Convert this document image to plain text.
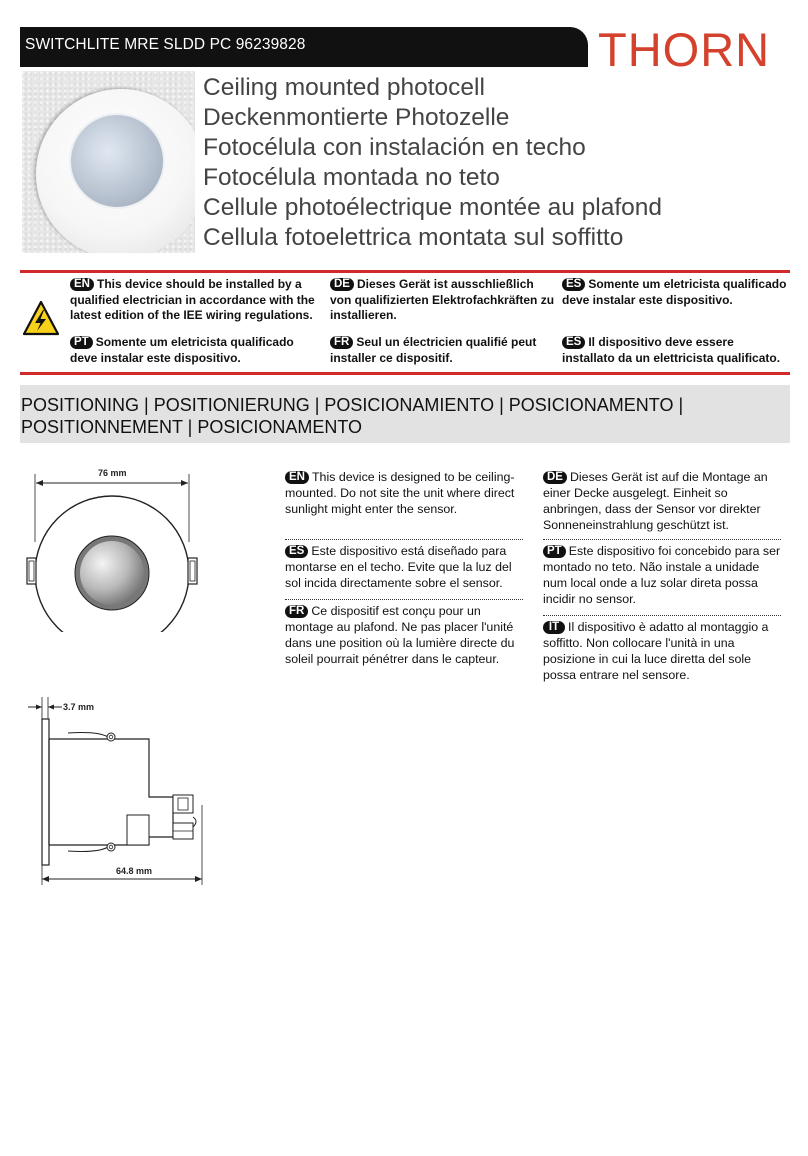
SWITCHLITE MRE SLDD PC 96239828	THORN
Ceiling mounted photocell
Deckenmontierte Photozelle
Fotocélula con instalación en techo
Fotocélula montada no teto
Cellule photoélectrique montée au plafond
Cellula fotoelettrica montata sul soffitto
EN This device should be installed by a qualified electrician in accordance with the latest edition of the IEE wiring regulations.
PT Somente um eletricista qualificado deve instalar este dispositivo.
DE Dieses Gerät ist ausschließlich von qualifizierten Elektrofachkräften zu installieren.
FR Seul un électricien qualifié peut installer ce dispositif.
ES Somente um eletricista qualificado deve instalar este dispositivo.
ES Il dispositivo deve essere installato da un elettricista qualificato.
POSITIONING | POSITIONIERUNG | POSICIONAMIENTO | POSICIONAMENTO |
POSITIONNEMENT | POSICIONAMENTO
76 mm
3.7 mm
64.8 mm
EN This device is designed to be ceiling-mounted. Do not site the unit where direct sunlight might enter the sensor.
ES Este dispositivo está diseñado para montarse en el techo. Evite que la luz del sol incida directamente sobre el sensor.
FR Ce dispositif est conçu pour un montage au plafond. Ne pas placer l'unité dans une position où la lumière directe du soleil pourrait pénétrer dans le capteur.
DE Dieses Gerät ist auf die Montage an einer Decke ausgelegt. Einheit so anbringen, dass der Sensor vor direkter Sonneneinstrahlung geschützt ist.
PT Este dispositivo foi concebido para ser montado no teto. Não instale a unidade num local onde a luz solar direta possa incidir no sensor.
IT Il dispositivo è adatto al montaggio a soffitto. Non collocare l'unità in una posizione in cui la luce diretta del sole possa entrare nel sensore.
